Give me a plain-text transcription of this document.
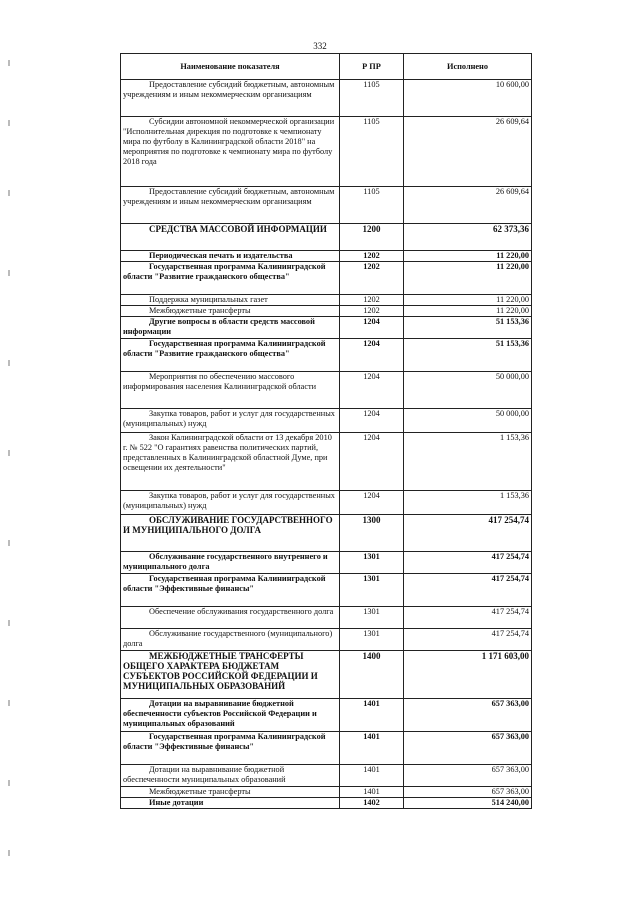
332
Наименование показателя	Р ПР	Исполнено
Предоставление субсидий бюджетным, автономным учреждениям и иным некоммерческим организациям	1105	10 600,00
Субсидии автономной некоммерческой организации "Исполнительная дирекция по подготовке к чемпионату мира по футболу в Калининградской области 2018" на мероприятия по подготовке к чемпионату мира по футболу 2018 года	1105	26 609,64
Предоставление субсидий бюджетным, автономным учреждениям и иным некоммерческим организациям	1105	26 609,64
СРЕДСТВА МАССОВОЙ ИНФОРМАЦИИ	1200	62 373,36
Периодическая печать и издательства	1202	11 220,00
Государственная программа Калининградской области "Развитие гражданского общества"	1202	11 220,00
Поддержка муниципальных газет	1202	11 220,00
Межбюджетные трансферты	1202	11 220,00
Другие вопросы в области средств массовой информации	1204	51 153,36
Государственная программа Калининградской области "Развитие гражданского общества"	1204	51 153,36
Мероприятия по обеспечению массового информирования населения Калининградской области	1204	50 000,00
Закупка товаров, работ и услуг для государственных (муниципальных) нужд	1204	50 000,00
Закон Калининградской области от 13 декабря 2010 г. № 522 "О гарантиях равенства политических партий, представленных в Калининградской областной Думе, при освещении их деятельности"	1204	1 153,36
Закупка товаров, работ и услуг для государственных (муниципальных) нужд	1204	1 153,36
ОБСЛУЖИВАНИЕ ГОСУДАРСТВЕННОГО И МУНИЦИПАЛЬНОГО ДОЛГА	1300	417 254,74
Обслуживание государственного внутреннего и муниципального долга	1301	417 254,74
Государственная программа Калининградской области "Эффективные финансы"	1301	417 254,74
Обеспечение обслуживания государственного долга	1301	417 254,74
Обслуживание государственного (муниципального) долга	1301	417 254,74
МЕЖБЮДЖЕТНЫЕ ТРАНСФЕРТЫ ОБЩЕГО ХАРАКТЕРА БЮДЖЕТАМ СУБЪЕКТОВ РОССИЙСКОЙ ФЕДЕРАЦИИ И МУНИЦИПАЛЬНЫХ ОБРАЗОВАНИЙ	1400	1 171 603,00
Дотации на выравнивание бюджетной обеспеченности субъектов Российской Федерации и муниципальных образований	1401	657 363,00
Государственная программа Калининградской области "Эффективные финансы"	1401	657 363,00
Дотации на выравнивание бюджетной обеспеченности муниципальных образований	1401	657 363,00
Межбюджетные трансферты	1401	657 363,00
Иные дотации	1402	514 240,00
